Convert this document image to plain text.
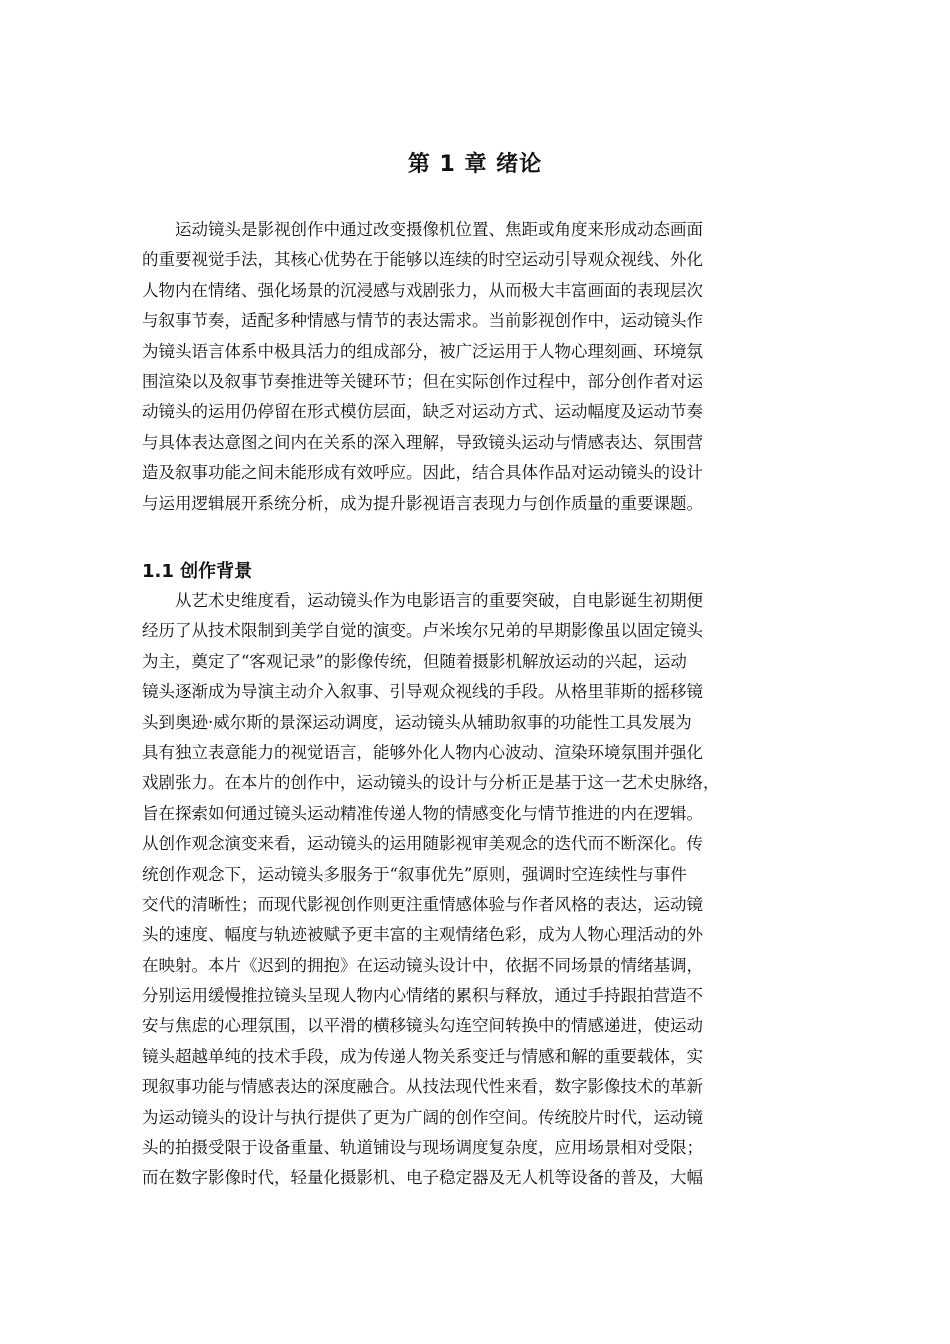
第 1 章 绪论
运动镜头是影视创作中通过改变摄像机位置、焦距或角度来形成动态画面
的重要视觉手法，其核心优势在于能够以连续的时空运动引导观众视线、外化
人物内在情绪、强化场景的沉浸感与戏剧张力，从而极大丰富画面的表现层次
与叙事节奏，适配多种情感与情节的表达需求。当前影视创作中，运动镜头作
为镜头语言体系中极具活力的组成部分，被广泛运用于人物心理刻画、环境氛
围渲染以及叙事节奏推进等关键环节；但在实际创作过程中，部分创作者对运
动镜头的运用仍停留在形式模仿层面，缺乏对运动方式、运动幅度及运动节奏
与具体表达意图之间内在关系的深入理解，导致镜头运动与情感表达、氛围营
造及叙事功能之间未能形成有效呼应。因此，结合具体作品对运动镜头的设计
与运用逻辑展开系统分析，成为提升影视语言表现力与创作质量的重要课题。
1.1 创作背景
从艺术史维度看，运动镜头作为电影语言的重要突破，自电影诞生初期便
经历了从技术限制到美学自觉的演变。卢米埃尔兄弟的早期影像虽以固定镜头
为主，奠定了“客观记录”的影像传统，但随着摄影机解放运动的兴起，运动
镜头逐渐成为导演主动介入叙事、引导观众视线的手段。从格里菲斯的摇移镜
头到奥逊·威尔斯的景深运动调度，运动镜头从辅助叙事的功能性工具发展为
具有独立表意能力的视觉语言，能够外化人物内心波动、渲染环境氛围并强化
戏剧张力。在本片的创作中，运动镜头的设计与分析正是基于这一艺术史脉络，
旨在探索如何通过镜头运动精准传递人物的情感变化与情节推进的内在逻辑。
从创作观念演变来看，运动镜头的运用随影视审美观念的迭代而不断深化。传
统创作观念下，运动镜头多服务于“叙事优先”原则，强调时空连续性与事件
交代的清晰性；而现代影视创作则更注重情感体验与作者风格的表达，运动镜
头的速度、幅度与轨迹被赋予更丰富的主观情绪色彩，成为人物心理活动的外
在映射。本片《迟到的拥抱》在运动镜头设计中，依据不同场景的情绪基调，
分别运用缓慢推拉镜头呈现人物内心情绪的累积与释放，通过手持跟拍营造不
安与焦虑的心理氛围，以平滑的横移镜头勾连空间转换中的情感递进，使运动
镜头超越单纯的技术手段，成为传递人物关系变迁与情感和解的重要载体，实
现叙事功能与情感表达的深度融合。从技法现代性来看，数字影像技术的革新
为运动镜头的设计与执行提供了更为广阔的创作空间。传统胶片时代，运动镜
头的拍摄受限于设备重量、轨道铺设与现场调度复杂度，应用场景相对受限；
而在数字影像时代，轻量化摄影机、电子稳定器及无人机等设备的普及，大幅
